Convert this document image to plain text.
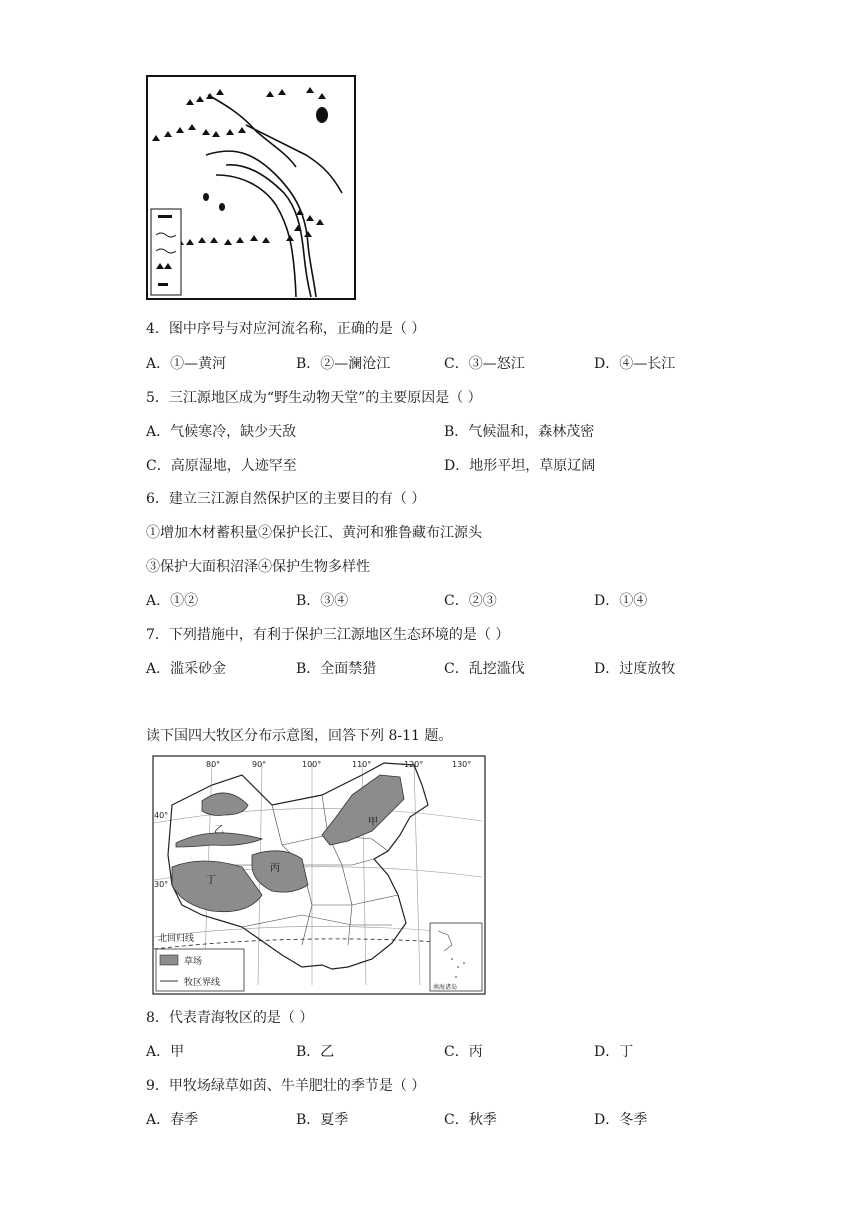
4．图中序号与对应河流名称，正确的是（ ）
A．①—黄河	B．②—澜沧江	C．③—怒江	D．④—长江
5．三江源地区成为“野生动物天堂”的主要原因是（ ）
A．气候寒冷，缺少天敌	B．气候温和，森林茂密
C．高原湿地，人迹罕至	D．地形平坦，草原辽阔
6．建立三江源自然保护区的主要目的有（ ）
①增加木材蓄积量②保护长江、黄河和雅鲁藏布江源头
③保护大面积沼泽④保护生物多样性
A．①②	B．③④	C．②③	D．①④
7．下列措施中，有利于保护三江源地区生态环境的是（ ）
A．滥采砂金	B．全面禁猎	C．乱挖滥伐	D．过度放牧
读下国四大牧区分布示意图，回答下列 8-11 题。
80°	90°	100°	110°	120°	130°
40°
30°
甲
乙
丙
丁
北回归线
草场
牧区界线	南海诸岛
8．代表青海牧区的是（ ）
A．甲	B．乙	C．丙	D．丁
9．甲牧场绿草如茵、牛羊肥壮的季节是（ ）
A．春季	B．夏季	C．秋季	D．冬季
